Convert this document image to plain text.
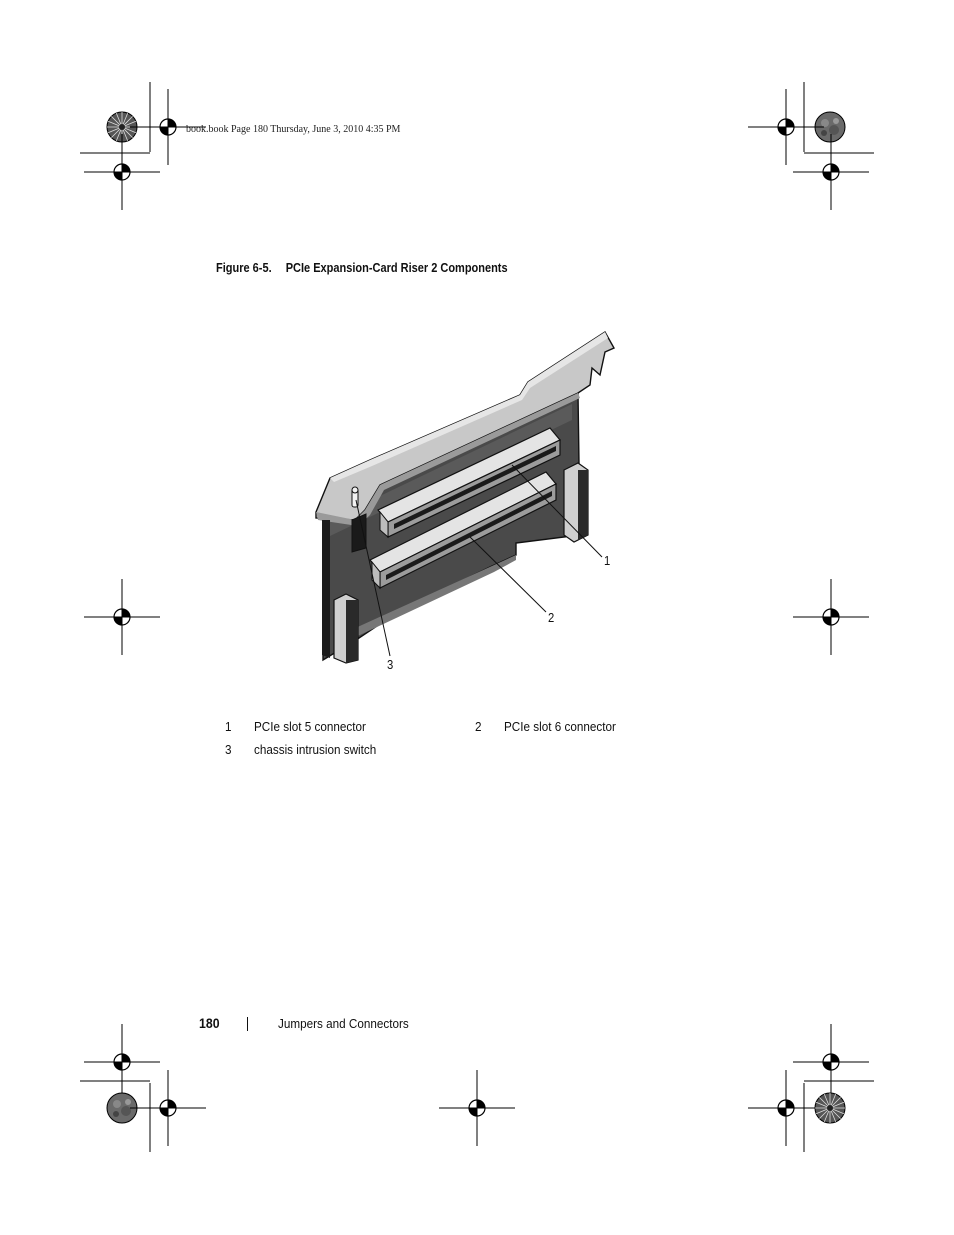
book.book Page 180 Thursday, June 3, 2010 4:35 PM
Figure 6-5. PCIe Expansion-Card Riser 2 Components
1
2
3
1 PCIe slot 5 connector	2 PCIe slot 6 connector
3 chassis intrusion switch
180	Jumpers and Connectors
